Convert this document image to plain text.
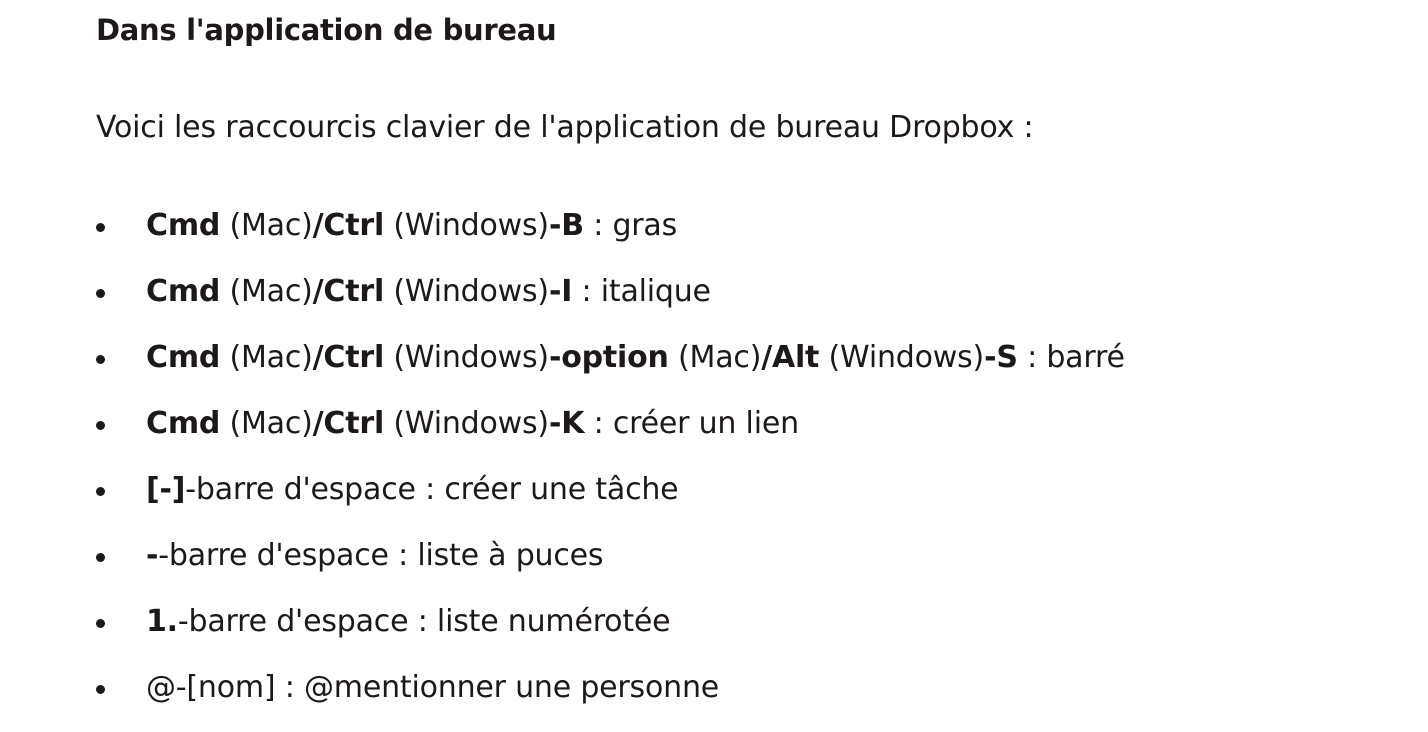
Dans l'application de bureau
Voici les raccourcis clavier de l'application de bureau Dropbox :
Cmd (Mac)/Ctrl (Windows)-B : gras
Cmd (Mac)/Ctrl (Windows)-I : italique
Cmd (Mac)/Ctrl (Windows)-option (Mac)/Alt (Windows)-S : barré
Cmd (Mac)/Ctrl (Windows)-K : créer un lien
[-]-barre d'espace : créer une tâche
--barre d'espace : liste à puces
1.-barre d'espace : liste numérotée
@-[nom] : @mentionner une personne
